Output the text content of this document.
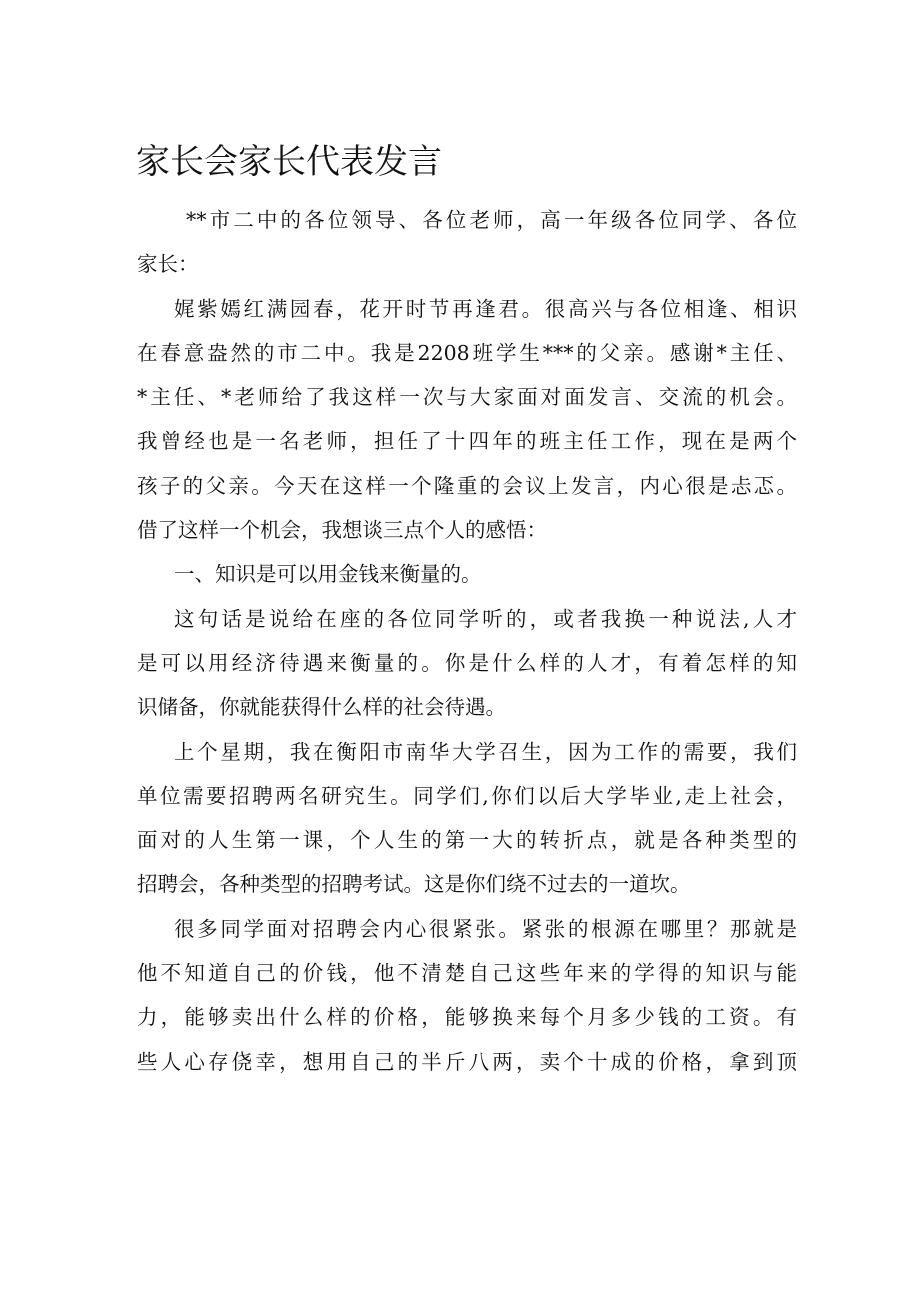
家长会家长代表发言
**市二中的各位领导、各位老师，高一年级各位同学、各位
家长：
娓紫嫣红满园春，花开时节再逢君。很高兴与各位相逢、相识
在春意盎然的市二中。我是2208班学生***的父亲。感谢*主任、
*主任、*老师给了我这样一次与大家面对面发言、交流的机会。
我曾经也是一名老师，担任了十四年的班主任工作，现在是两个
孩子的父亲。今天在这样一个隆重的会议上发言，内心很是忐忑。
借了这样一个机会，我想谈三点个人的感悟：
一、知识是可以用金钱来衡量的。
这句话是说给在座的各位同学听的，或者我换一种说法,人才
是可以用经济待遇来衡量的。你是什么样的人才，有着怎样的知
识储备，你就能获得什么样的社会待遇。
上个星期，我在衡阳市南华大学召生，因为工作的需要，我们
单位需要招聘两名研究生。同学们,你们以后大学毕业,走上社会，
面对的人生第一课，个人生的第一大的转折点，就是各种类型的
招聘会，各种类型的招聘考试。这是你们绕不过去的一道坎。
很多同学面对招聘会内心很紧张。紧张的根源在哪里？那就是
他不知道自己的价钱，他不清楚自己这些年来的学得的知识与能
力，能够卖出什么样的价格，能够换来每个月多少钱的工资。有
些人心存侥幸，想用自己的半斤八两，卖个十成的价格，拿到顶
